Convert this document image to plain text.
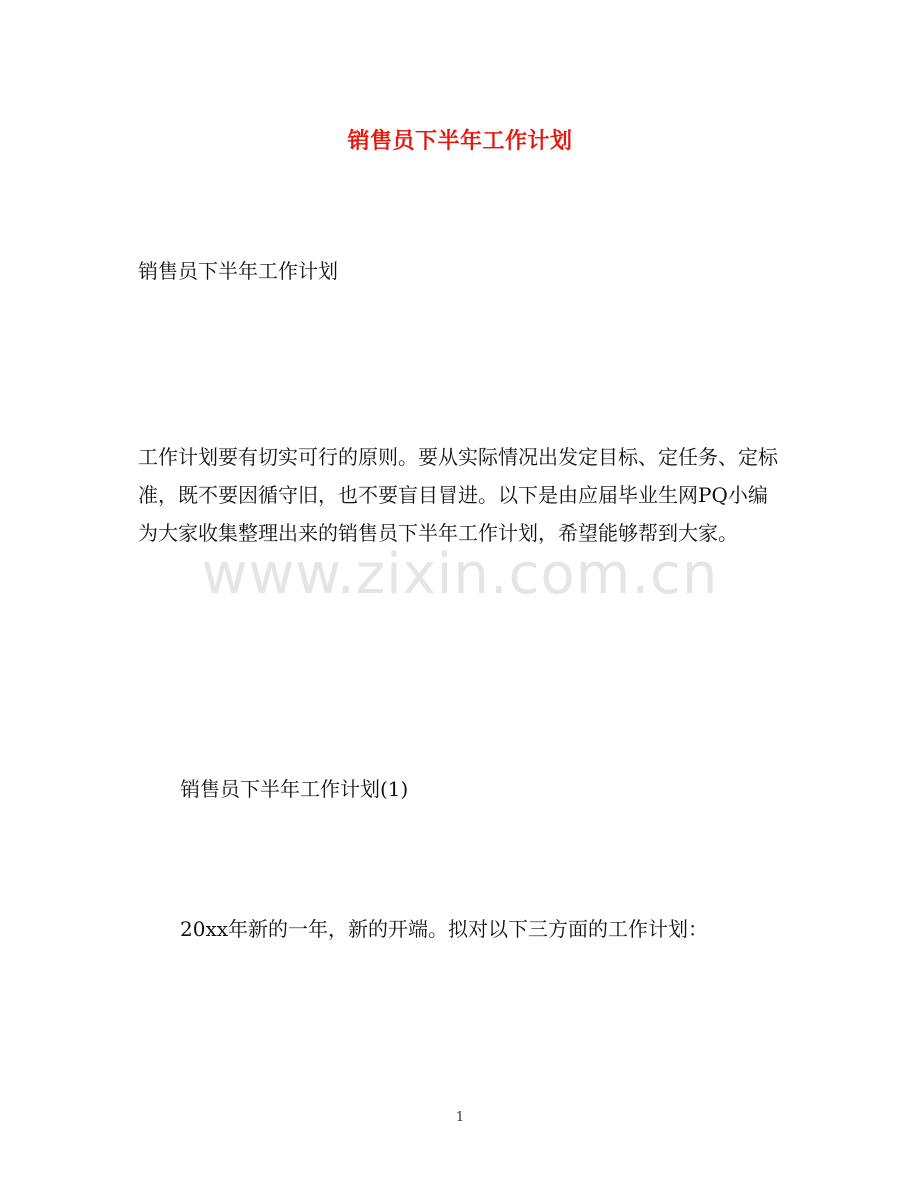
销售员下半年工作计划
销售员下半年工作计划
工作计划要有切实可行的原则。要从实际情况出发定目标、定任务、定标准，既不要因循守旧，也不要盲目冒进。以下是由应届毕业生网PQ小编为大家收集整理出来的销售员下半年工作计划，希望能够帮到大家。
www.zixin.com.cn
销售员下半年工作计划(1)
20xx年新的一年，新的开端。拟对以下三方面的工作计划：
1
